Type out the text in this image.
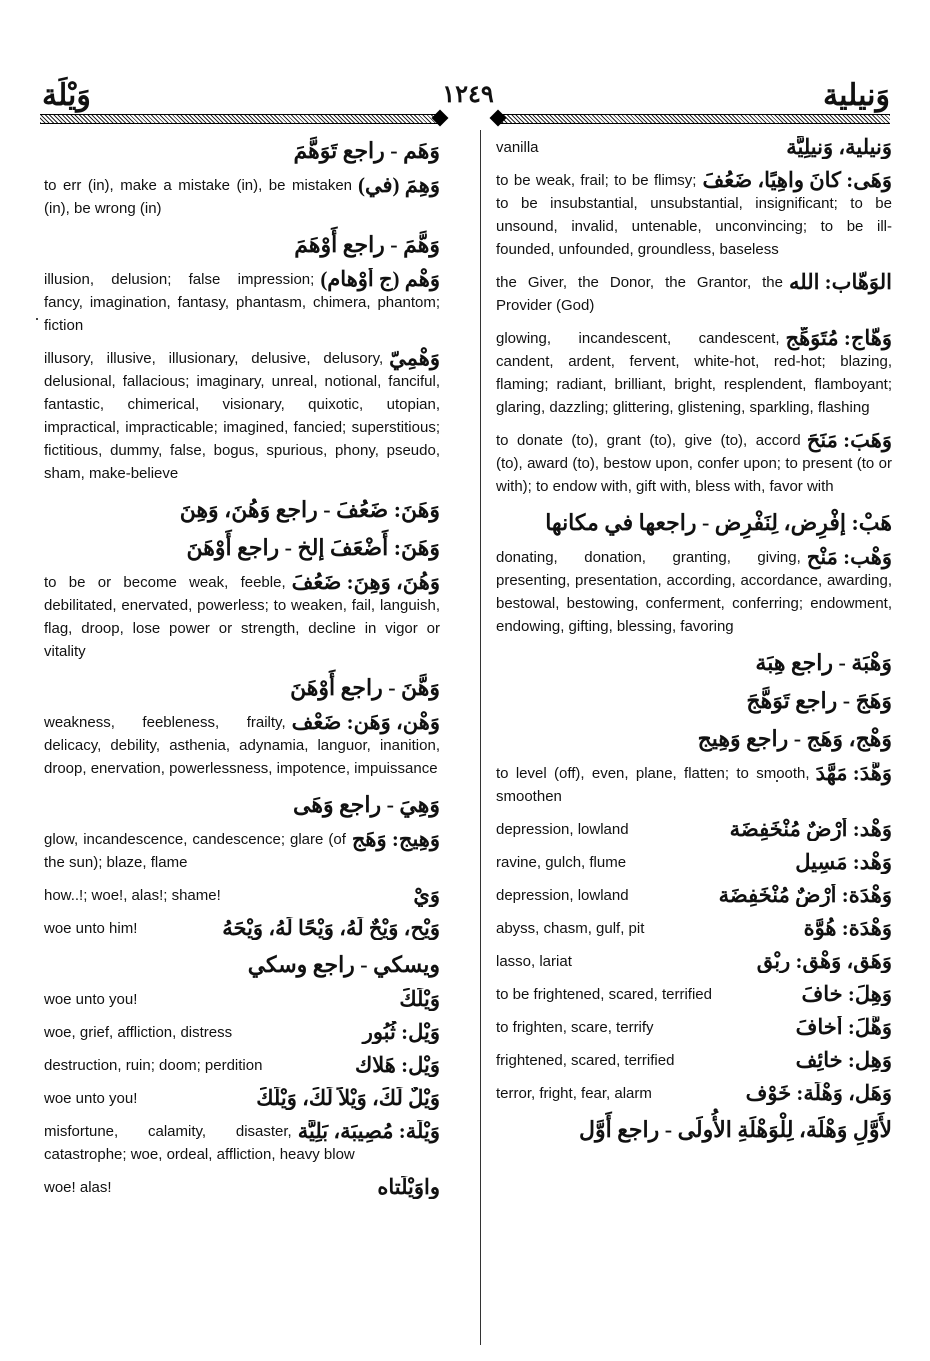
وَيْلَة	١٢٤٩	وَنيلية
وَهَم - راجع تَوَهَّمَ
وَهِمَ (في)
to err (in), make a mistake (in), be mistaken (in), be wrong (in)
وَهَّمَ - راجع أَوْهَمَ
وَهْم (ج أَوْهام)
illusion, delusion; false impression; fancy, imagination, fantasy, phantasm, chimera, phantom; fiction
وَهْمِيّ
illusory, illusive, illusionary, delusive, delusory, delusional, fallacious; imaginary, unreal, notional, fanciful, fantastic, chimerical, visionary, quixotic, utopian, impractical, impracticable; imagined, fancied; superstitious; fictitious, dummy, false, bogus, spurious, phony, pseudo, sham, make-believe
وَهَنَ: ضَعُفَ - راجع وَهُنَ، وَهِنَ
وَهَنَ: أَضْعَفَ إلخ - راجع أَوْهَنَ
وَهُنَ، وَهِنَ: ضَعُفَ
to be or become weak, feeble, debilitated, enervated, powerless; to weaken, fail, languish, flag, droop, lose power or strength, decline in vigor or vitality
وَهَّنَ - راجع أَوْهَنَ
وَهْن، وَهَن: ضَعْف
weakness, feebleness, frailty, delicacy, debility, asthenia, adynamia, languor, inanition, droop, enervation, powerlessness, impotence, impuissance
وَهِيَ - راجع وَهَى
وَهِيج: وَهَج
glow, incandescence, candescence; glare (of the sun); blaze, flame
وَيْ
how..!; woe!, alas!; shame!
وَيْح، وَيْحٌ لَهُ، وَيْحًا لَهُ، وَيْحَهُ
woe unto him!
ويسكي - راجع وسكي
وَيْلَكَ
woe unto you!
وَيْل: ثُبُور
woe, grief, affliction, distress
وَيْل: هَلاك
destruction, ruin; doom; perdition
وَيْلٌ لَكَ، وَيْلاً لَكَ، وَيْلَكَ
woe unto you!
وَيْلَة: مُصِيبَة، بَلِيَّة
misfortune, calamity, disaster, catastrophe; woe, ordeal, affliction, heavy blow
واوَيْلَتاه
woe! alas!
وَنيلية، وَنيلِيَّة
vanilla
وَهَى: كانَ واهِيًا، ضَعُفَ
to be weak, frail; to be flimsy; to be insubstantial, unsubstantial, insignificant; to be unsound, invalid, untenable, unconvincing; to be ill-founded, unfounded, groundless, baseless
الوَهّاب: الله
the Giver, the Donor, the Grantor, the Provider (God)
وَهّاج: مُتَوَهِّج
glowing, incandescent, candescent, candent, ardent, fervent, white-hot, red-hot; blazing, flaming; radiant, brilliant, bright, resplendent, flamboyant; glaring, dazzling; glittering, glistening, sparkling, flashing
وَهَبَ: مَنَحَ
to donate (to), grant (to), give (to), accord (to), award (to), bestow upon, confer upon; to present (to or with); to endow with, gift with, bless with, favor with
هَبْ: إفْرِض، لِنَفْرِض - راجعها في مكانها
وَهْب: مَنْح
donating, donation, granting, giving, presenting, presentation, according, accordance, awarding, bestowal, bestowing, conferment, conferring; endowment, endowing, gifting, blessing, favoring
وَهْبَة - راجع هِبَة
وَهَجَ - راجع تَوَهَّجَ
وَهْج، وَهَج - راجع وَهِيج
وَهَّدَ: مَهَّدَ
to level (off), even, plane, flatten; to smooth, smoothen
وَهْد: أَرْضٌ مُنْخَفِضَة
depression, lowland
وَهْد: مَسِيل
ravine, gulch, flume
وَهْدَة: أَرْضٌ مُنْخَفِضَة
depression, lowland
وَهْدَة: هُوَّة
abyss, chasm, gulf, pit
وَهَق، وَهْق: رِبْق
lasso, lariat
وَهِلَ: خافَ
to be frightened, scared, terrified
وَهَّلَ: أَخافَ
to frighten, scare, terrify
وَهِل: خائِف
frightened, scared, terrified
وَهَل، وَهْلَة: خَوْف
terror, fright, fear, alarm
لأَوَّلِ وَهْلَة، لِلْوَهْلَةِ الأُولَى - راجع أَوَّل
